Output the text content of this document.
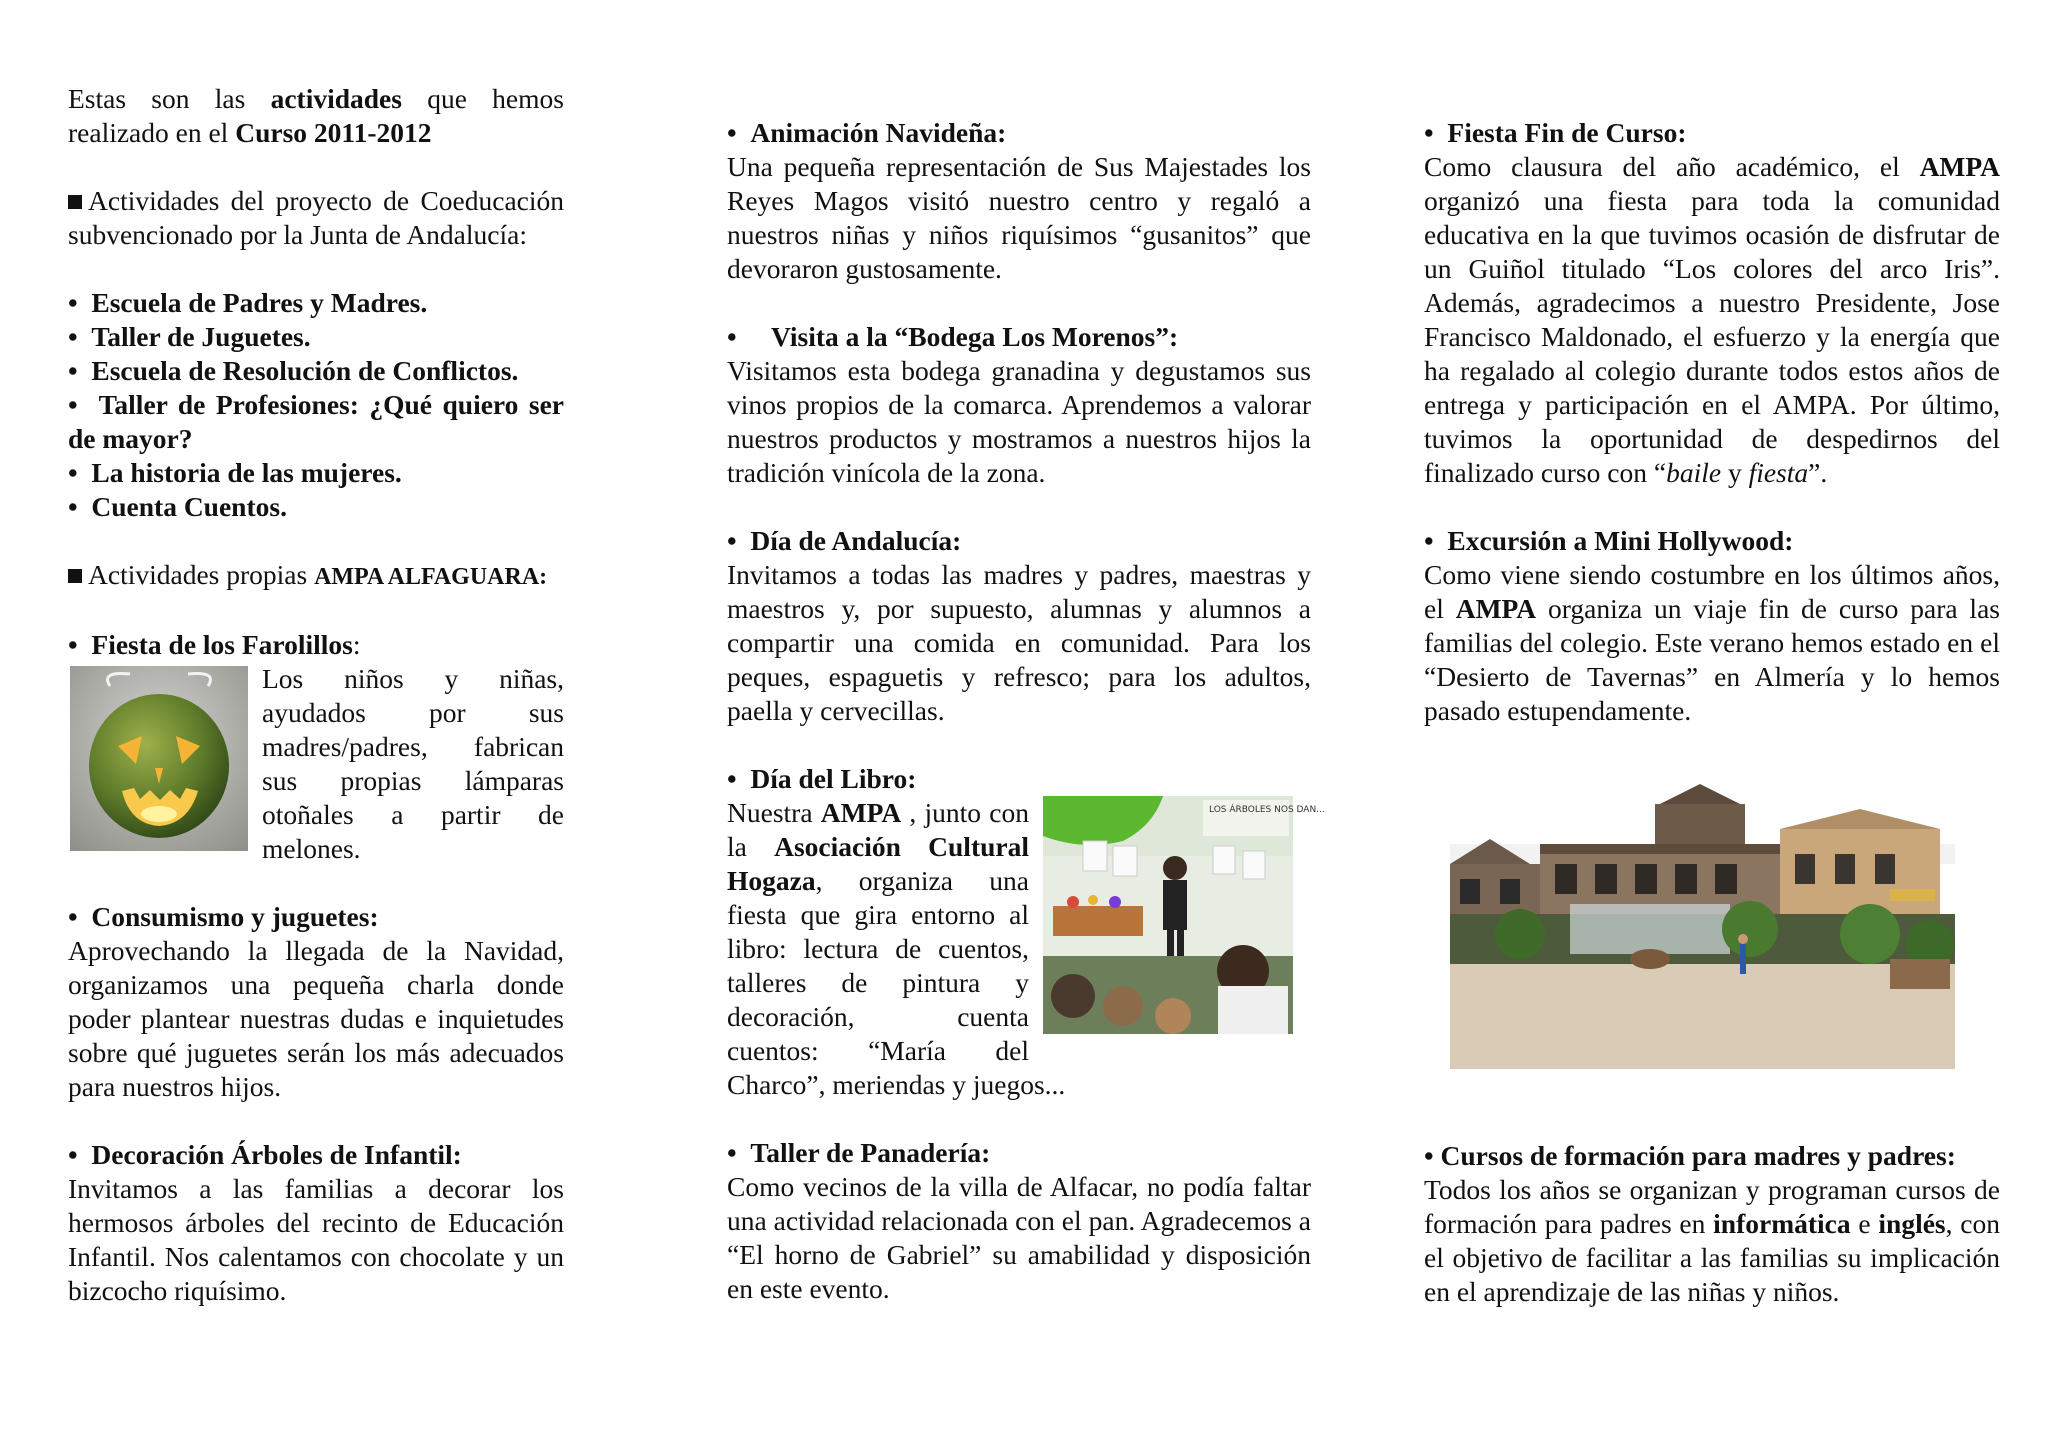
Estas son las actividades que hemos realizado en el Curso 2011-2012

Actividades del proyecto de Coeducación subvencionado por la Junta de Andalucía:

•  Escuela de Padres y Madres.

•  Taller de Juguetes.

•  Escuela de Resolución de Conflictos.

•  Taller de Profesiones: ¿Qué quiero ser de mayor?

•  La historia de las mujeres.

•  Cuenta Cuentos.

Actividades propias AMPA ALFAGUARA:

•  Fiesta de los Farolillos:

Los niños y niñas, ayudados por sus madres/padres, fabrican sus propias lámparas otoñales a partir de melones.

•  Consumismo y juguetes:

Aprovechando la llegada de la Navidad, organizamos una pequeña charla donde poder plantear nuestras dudas e inquietudes sobre qué juguetes serán los más adecuados para nuestros hijos.

•  Decoración Árboles de Infantil:

Invitamos a las familias a decorar los hermosos árboles del recinto de Educación Infantil. Nos calentamos con chocolate y un bizcocho riquísimo.

•  Animación Navideña:

Una pequeña representación de Sus Majestades los Reyes Magos visitó nuestro centro y regaló a nuestros niñas y niños riquísimos “gusanitos” que devoraron gustosamente.

•     Visita a la “Bodega Los Morenos”:

Visitamos esta bodega granadina y degustamos sus vinos propios de la comarca. Aprendemos a valorar nuestros productos y mostramos a nuestros hijos la tradición vinícola de la zona.

•  Día de Andalucía:

Invitamos a todas las madres y padres, maestras y maestros y, por supuesto, alumnas y alumnos a compartir una comida en comunidad. Para los peques, espaguetis y refresco; para los adultos, paella y cervecillas.

•  Día del Libro:

LOS ÁRBOLES NOS DAN...

Nuestra AMPA , junto con la Asociación Cultural Hogaza, organiza una fiesta que gira entorno al libro: lectura de cuentos, talleres de pintura y decoración, cuenta cuentos: “María del Charco”, meriendas y juegos...

•  Taller de Panadería:

Como vecinos de la villa de Alfacar, no podía faltar una actividad relacionada con el pan. Agradecemos a “El horno de Gabriel” su amabilidad y disposición en este evento.

•  Fiesta Fin de Curso:

Como clausura del año académico, el AMPA organizó una fiesta para toda la comunidad educativa en la que tuvimos ocasión de disfrutar de un Guiñol titulado “Los colores del arco Iris”. Además, agradecimos a nuestro Presidente, Jose Francisco Maldonado, el esfuerzo y la energía que ha regalado al colegio durante todos estos años de entrega y participación en el AMPA. Por último, tuvimos la oportunidad de despedirnos del finalizado curso con “baile y fiesta”.

•  Excursión a Mini Hollywood:

Como viene siendo costumbre en los últimos años, el AMPA organiza un viaje fin de curso para las familias del colegio. Este verano hemos estado en el “Desierto de Tavernas” en Almería y lo hemos pasado estupendamente.

• Cursos de formación para madres y padres:

Todos los años se organizan y programan cursos de formación para padres en informática e inglés, con el objetivo de facilitar a las familias su implicación en el aprendizaje de las niñas y niños.
